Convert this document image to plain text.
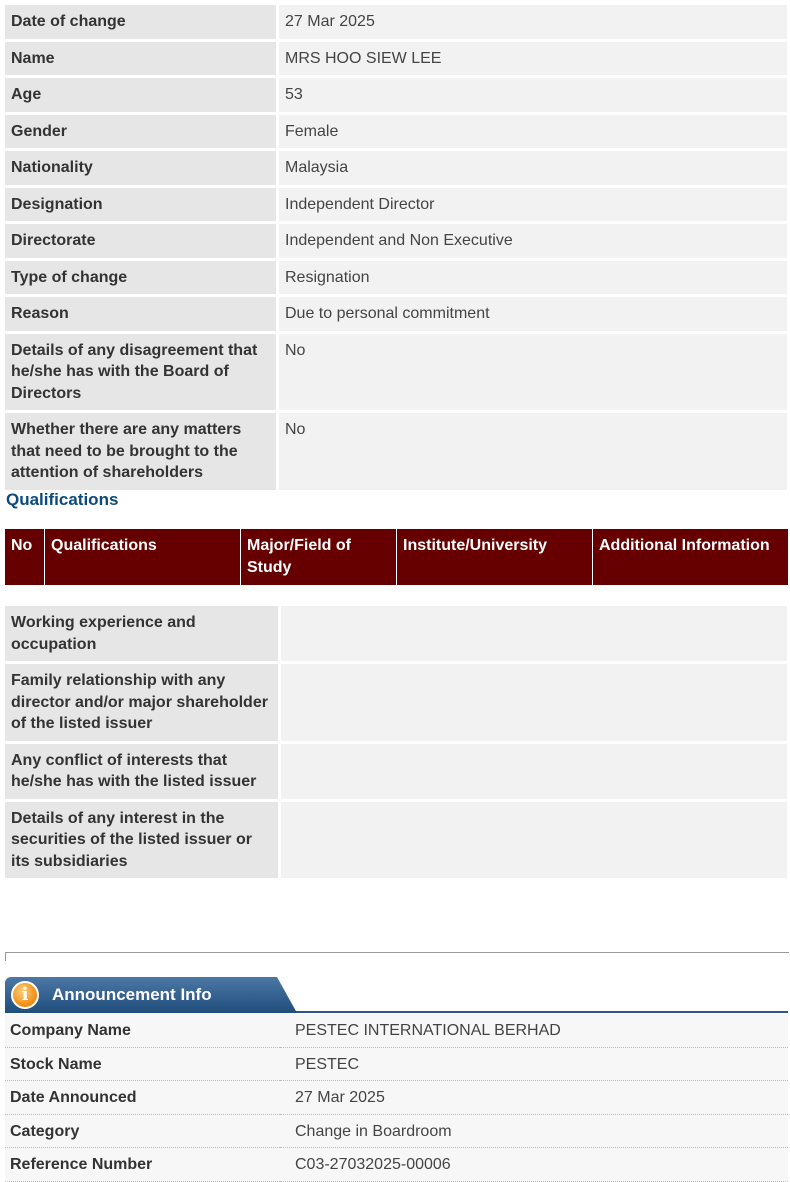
Date of change	27 Mar 2025
Name	MRS HOO SIEW LEE
Age	53
Gender	Female
Nationality	Malaysia
Designation	Independent Director
Directorate	Independent and Non Executive
Type of change	Resignation
Reason	Due to personal commitment
Details of any disagreement that he/she has with the Board of Directors	No
Whether there are any matters that need to be brought to the attention of shareholders	No
Qualifications
No	Qualifications	Major/Field of Study	Institute/University	Additional Information
Working experience and occupation	
Family relationship with any director and/or major shareholder of the listed issuer	
Any conflict of interests that he/she has with the listed issuer	
Details of any interest in the securities of the listed issuer or its subsidiaries	
i	Announcement Info
Company Name	PESTEC INTERNATIONAL BERHAD
Stock Name	PESTEC
Date Announced	27 Mar 2025
Category	Change in Boardroom
Reference Number	C03-27032025-00006
